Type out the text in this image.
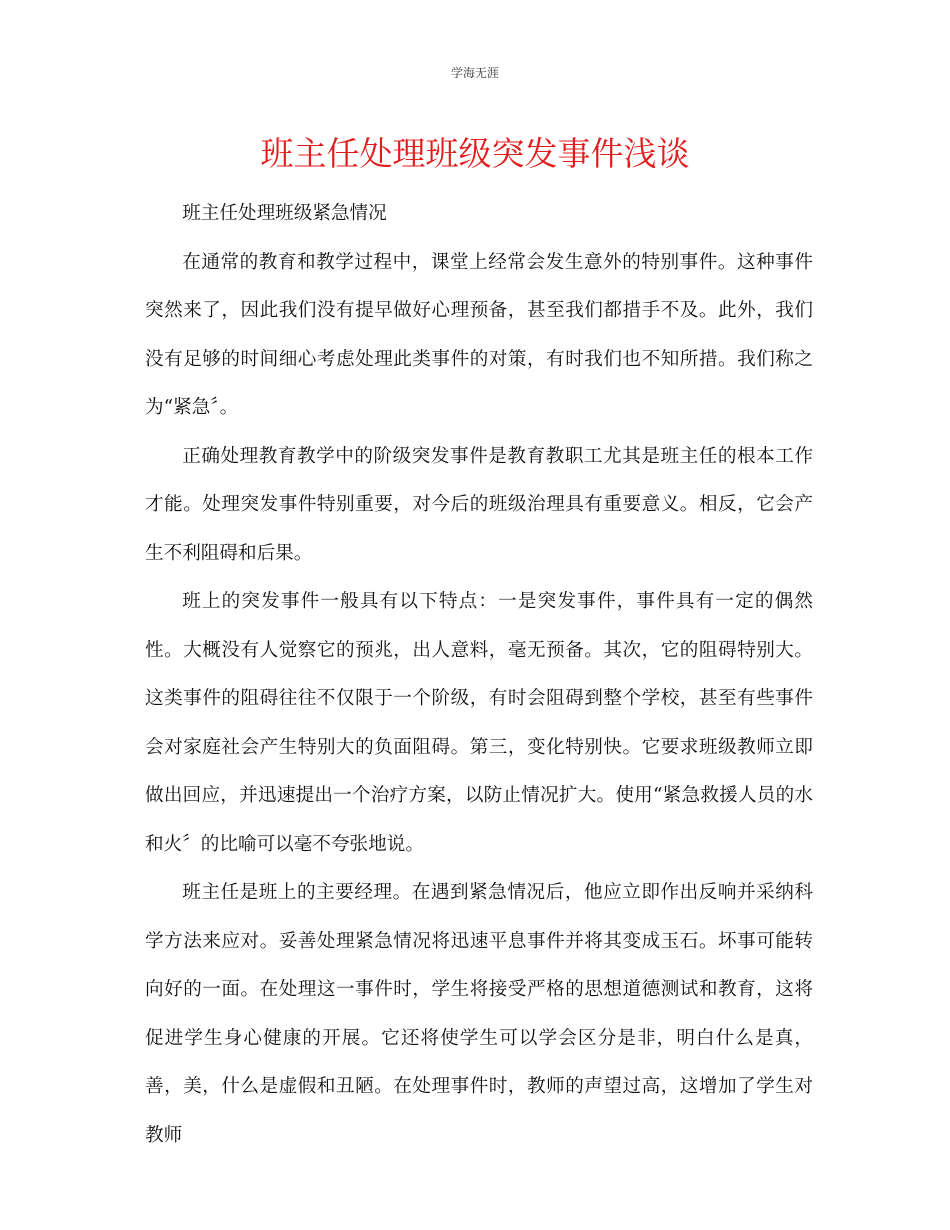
学海无涯
班主任处理班级突发事件浅谈

班主任处理班级紧急情况

在通常的教育和教学过程中，课堂上经常会发生意外的特别事件。这种事件突然来了，因此我们没有提早做好心理预备，甚至我们都措手不及。此外，我们没有足够的时间细心考虑处理此类事件的对策，有时我们也不知所措。我们称之为“紧急〞。

正确处理教育教学中的阶级突发事件是教育教职工尤其是班主任的根本工作才能。处理突发事件特别重要，对今后的班级治理具有重要意义。相反，它会产生不利阻碍和后果。

班上的突发事件一般具有以下特点：一是突发事件，事件具有一定的偶然性。大概没有人觉察它的预兆，出人意料，毫无预备。其次，它的阻碍特别大。这类事件的阻碍往往不仅限于一个阶级，有时会阻碍到整个学校，甚至有些事件会对家庭社会产生特别大的负面阻碍。第三，变化特别快。它要求班级教师立即做出回应，并迅速提出一个治疗方案，以防止情况扩大。使用“紧急救援人员的水和火〞的比喻可以毫不夸张地说。

班主任是班上的主要经理。在遇到紧急情况后，他应立即作出反响并采纳科学方法来应对。妥善处理紧急情况将迅速平息事件并将其变成玉石。坏事可能转向好的一面。在处理这一事件时，学生将接受严格的思想道德测试和教育，这将促进学生身心健康的开展。它还将使学生可以学会区分是非，明白什么是真，善，美，什么是虚假和丑陋。在处理事件时，教师的声望过高，这增加了学生对教师
